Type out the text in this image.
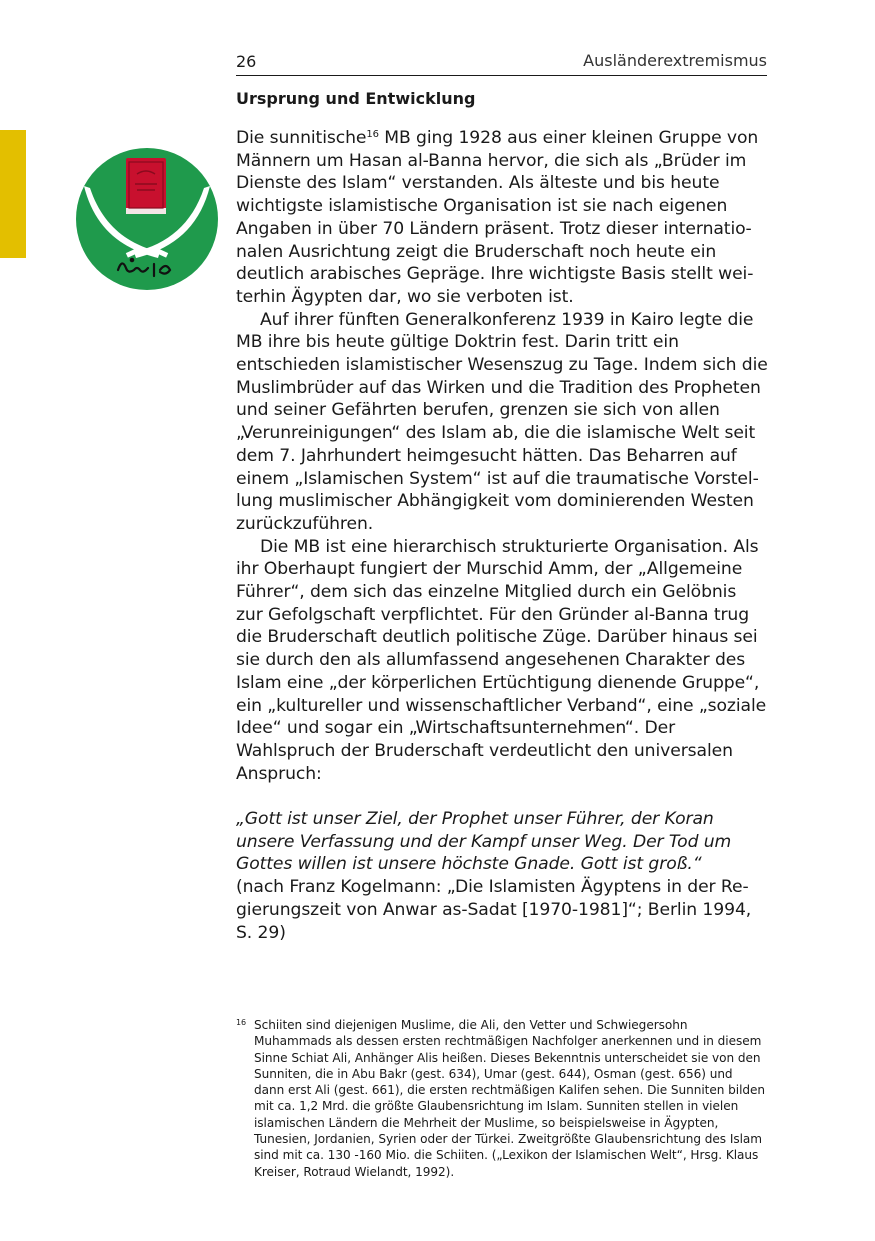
26	Ausländerextremismus
Ursprung und Entwicklung

Die sunnitische$^{16}$ MB ging 1928 aus einer kleinen Gruppe von Männern um Hasan al-Banna hervor, die sich als „Brüder im Dienste des Islam“ verstanden. Als älteste und bis heute wichtigste islamistische Organisation ist sie nach eigenen Angaben in über 70 Ländern präsent. Trotz dieser internationalen Ausrichtung zeigt die Bruderschaft noch heute ein deutlich arabisches Gepräge. Ihre wichtigste Basis stellt weiterhin Ägypten dar, wo sie verboten ist.

Auf ihrer fünften Generalkonferenz 1939 in Kairo legte die MB ihre bis heute gültige Doktrin fest. Darin tritt ein entschieden islamistischer Wesenszug zu Tage. Indem sich die Muslimbrüder auf das Wirken und die Tradition des Propheten und seiner Gefährten berufen, grenzen sie sich von allen „Verunreinigungen“ des Islam ab, die die islamische Welt seit dem 7. Jahrhundert heimgesucht hätten. Das Beharren auf einem „Islamischen System“ ist auf die traumatische Vorstellung muslimischer Abhängigkeit vom dominierenden Westen zurückzuführen.

Die MB ist eine hierarchisch strukturierte Organisation. Als ihr Oberhaupt fungiert der Murschid Amm, der „Allgemeine Führer“, dem sich das einzelne Mitglied durch ein Gelöbnis zur Gefolgschaft verpflichtet. Für den Gründer al-Banna trug die Bruderschaft deutlich politische Züge. Darüber hinaus sei sie durch den als allumfassend angesehenen Charakter des Islam eine „der körperlichen Ertüchtigung dienende Gruppe“, ein „kultureller und wissenschaftlicher Verband“, eine „soziale Idee“ und sogar ein „Wirtschaftsunternehmen“. Der Wahlspruch der Bruderschaft verdeutlicht den universalen Anspruch:

„Gott ist unser Ziel, der Prophet unser Führer, der Koran unsere Verfassung und der Kampf unser Weg. Der Tod um Gottes willen ist unsere höchste Gnade. Gott ist groß.“
(nach Franz Kogelmann: „Die Islamisten Ägyptens in der Regierungszeit von Anwar as-Sadat [1970-1981]“; Berlin 1994, S. 29)

16 Schiiten sind diejenigen Muslime, die Ali, den Vetter und Schwiegersohn Muhammads als dessen ersten rechtmäßigen Nachfolger anerkennen und in diesem Sinne Schiat Ali, Anhänger Alis heißen. Dieses Bekenntnis unterscheidet sie von den Sunniten, die in Abu Bakr (gest. 634), Umar (gest. 644), Osman (gest. 656) und dann erst Ali (gest. 661), die ersten rechtmäßigen Kalifen sehen. Die Sunniten bilden mit ca. 1,2 Mrd. die größte Glaubensrichtung im Islam. Sunniten stellen in vielen islamischen Ländern die Mehrheit der Muslime, so beispielsweise in Ägypten, Tunesien, Jordanien, Syrien oder der Türkei. Zweitgrößte Glaubensrichtung des Islam sind mit ca. 130 -160 Mio. die Schiiten. („Lexikon der Islamischen Welt“, Hrsg. Klaus Kreiser, Rotraud Wielandt, 1992).
